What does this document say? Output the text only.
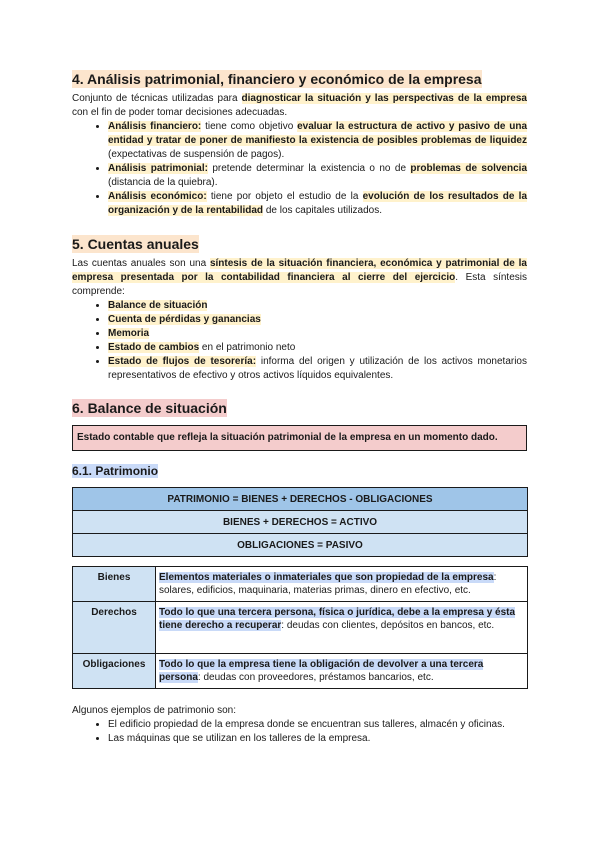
4. Análisis patrimonial, financiero y económico de la empresa

Conjunto de técnicas utilizadas para diagnosticar la situación y las perspectivas de la empresa con el fin de poder tomar decisiones adecuadas.

• Análisis financiero: tiene como objetivo evaluar la estructura de activo y pasivo de una entidad y tratar de poner de manifiesto la existencia de posibles problemas de liquidez (expectativas de suspensión de pagos).
• Análisis patrimonial: pretende determinar la existencia o no de problemas de solvencia (distancia de la quiebra).
• Análisis económico: tiene por objeto el estudio de la evolución de los resultados de la organización y de la rentabilidad de los capitales utilizados.
5. Cuentas anuales

Las cuentas anuales son una síntesis de la situación financiera, económica y patrimonial de la empresa presentada por la contabilidad financiera al cierre del ejercicio. Esta síntesis comprende:

• Balance de situación
• Cuenta de pérdidas y ganancias
• Memoria
• Estado de cambios en el patrimonio neto
• Estado de flujos de tesorería: informa del origen y utilización de los activos monetarios representativos de efectivo y otros activos líquidos equivalentes.
6. Balance de situación
Estado contable que refleja la situación patrimonial de la empresa en un momento dado.
6.1. Patrimonio
PATRIMONIO = BIENES + DERECHOS - OBLIGACIONES
BIENES + DERECHOS = ACTIVO
OBLIGACIONES = PASIVO
Bienes	Elementos materiales o inmateriales que son propiedad de la empresa: solares, edificios, maquinaria, materias primas, dinero en efectivo, etc.
Derechos	Todo lo que una tercera persona, física o jurídica, debe a la empresa y ésta tiene derecho a recuperar: deudas con clientes, depósitos en bancos, etc.
Obligaciones	Todo lo que la empresa tiene la obligación de devolver a una tercera persona: deudas con proveedores, préstamos bancarios, etc.

Algunos ejemplos de patrimonio son:

• El edificio propiedad de la empresa donde se encuentran sus talleres, almacén y oficinas.
• Las máquinas que se utilizan en los talleres de la empresa.
